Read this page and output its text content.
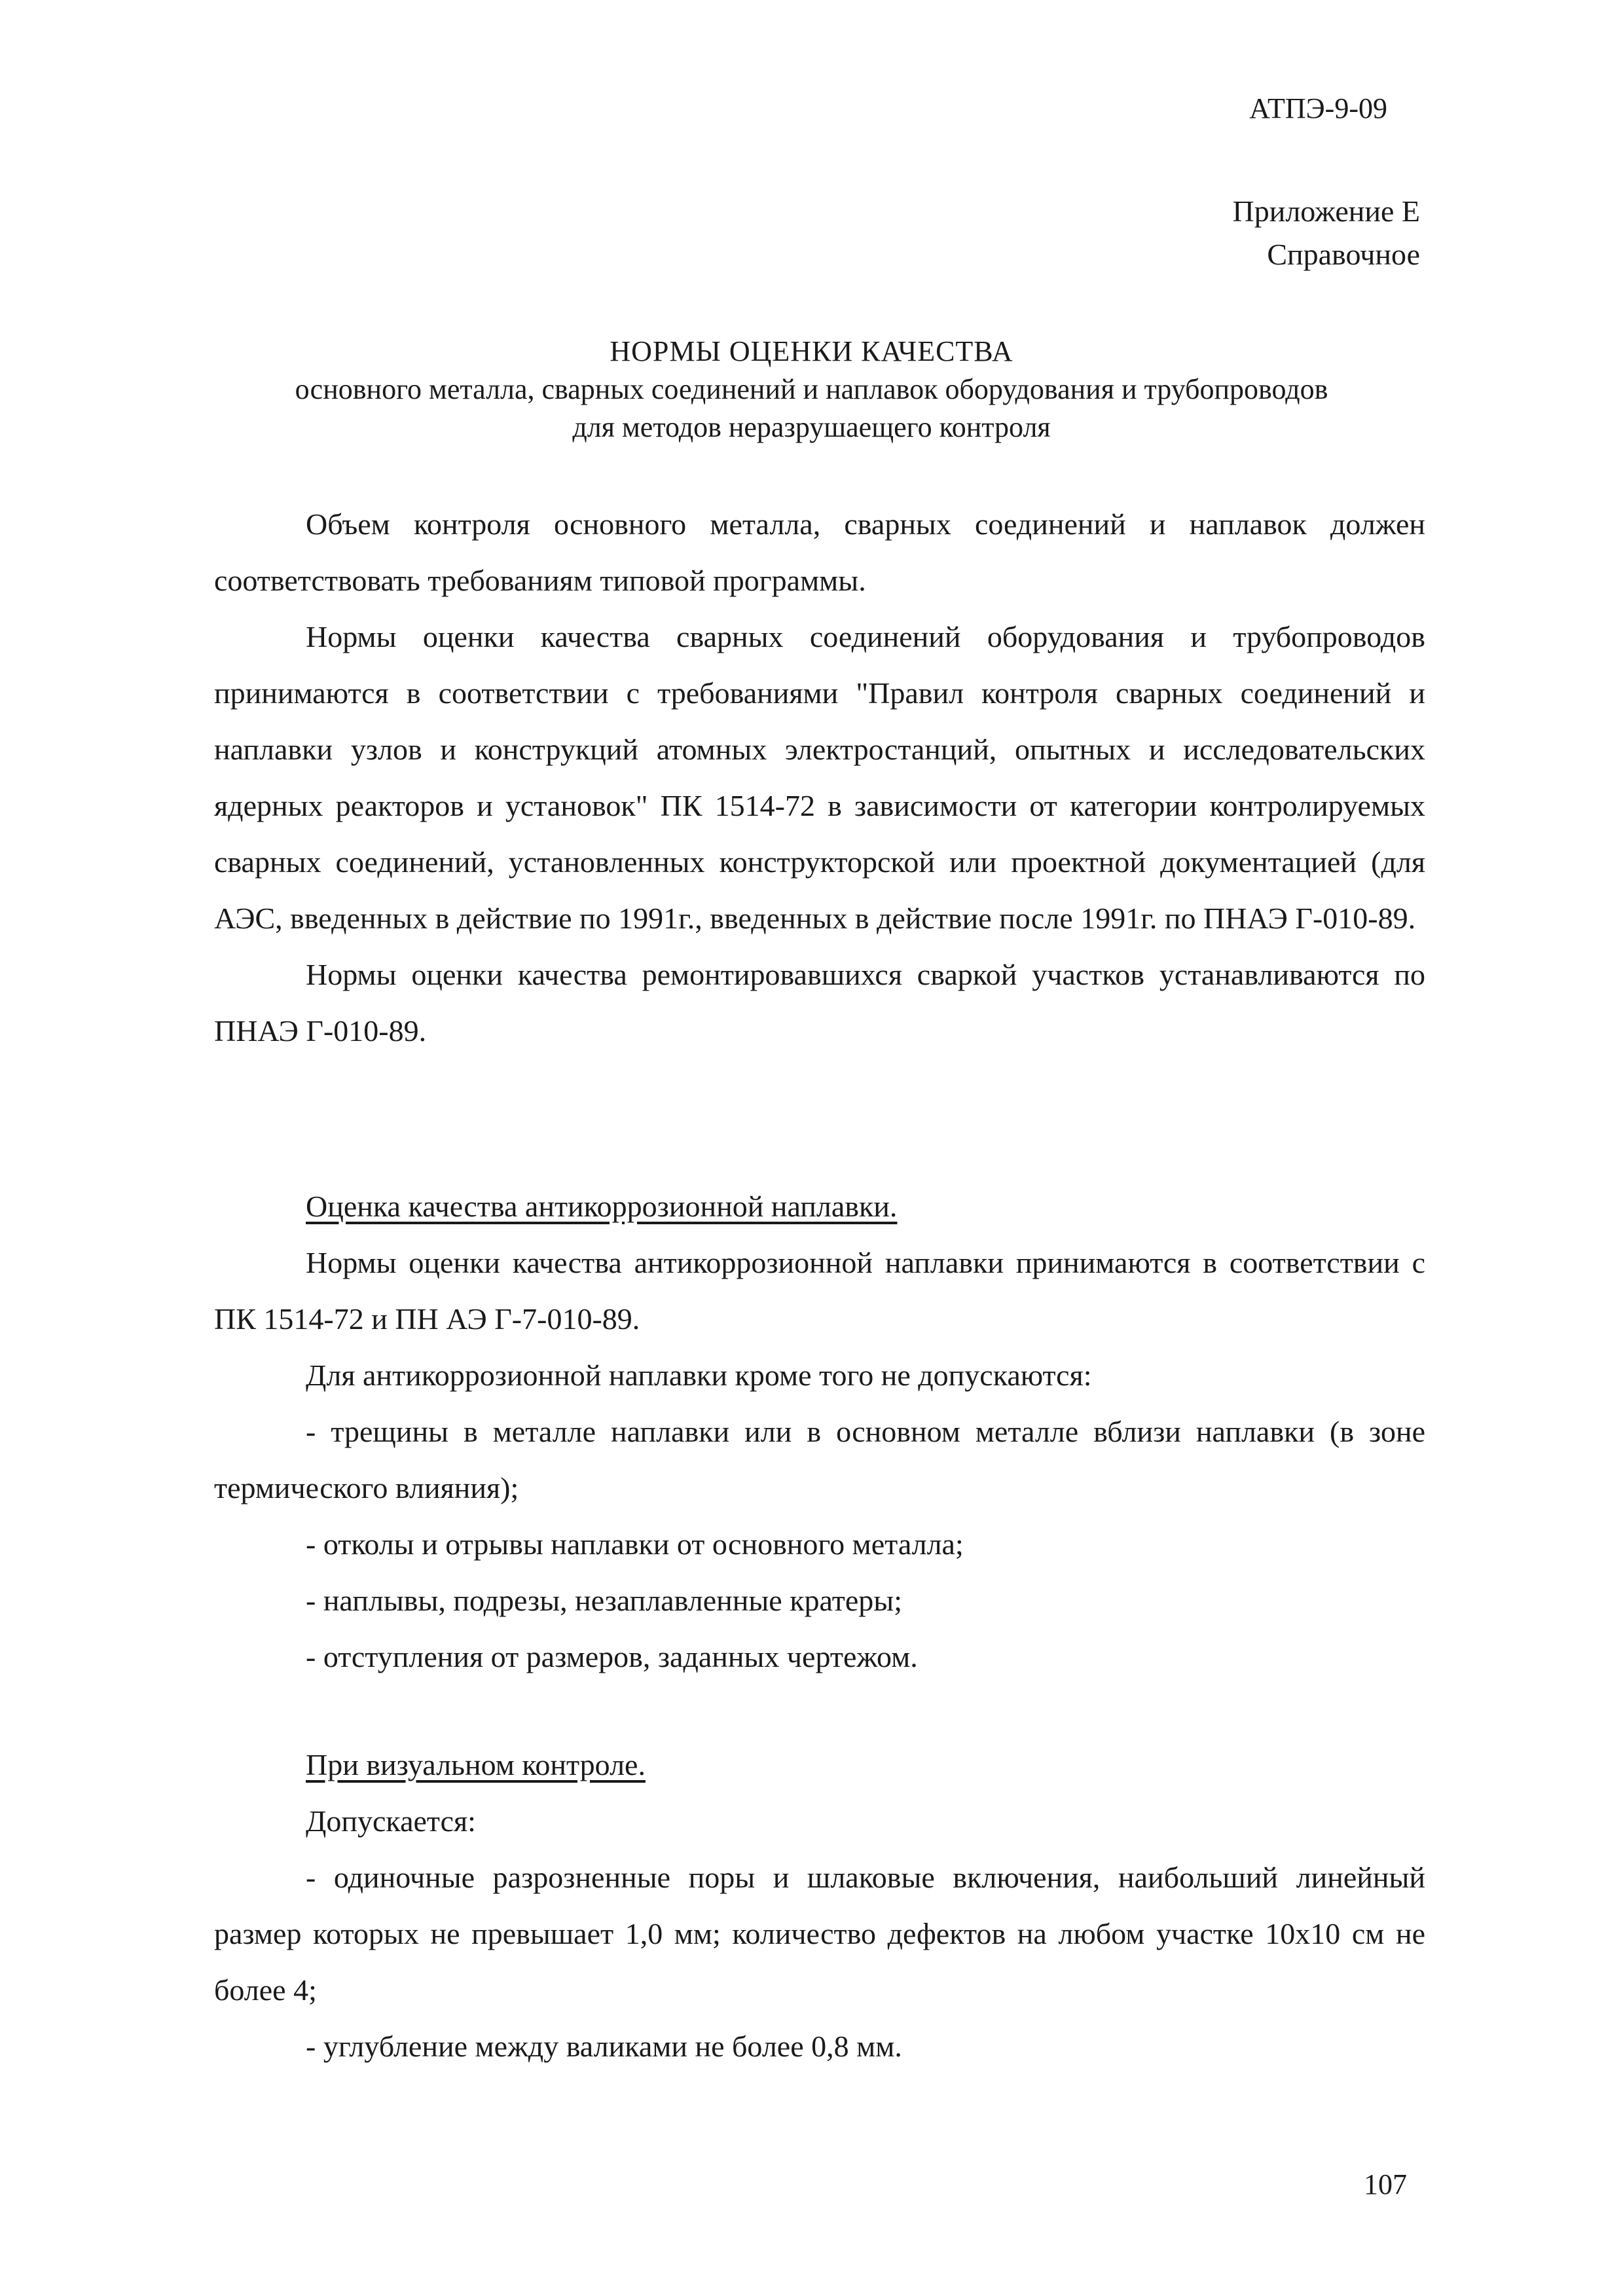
АТПЭ-9-09
Приложение Е
Справочное
НОРМЫ ОЦЕНКИ КАЧЕСТВА
основного металла, сварных соединений и наплавок оборудования и трубопроводов
для методов неразрушаещего контроля

Объем контроля основного металла, сварных соединений и наплавок должен соответствовать требованиям типовой программы.

Нормы оценки качества сварных соединений оборудования и трубопроводов принимаются в соответствии с требованиями "Правил контроля сварных соединений и наплавки узлов и конструкций атомных электростанций, опытных и исследовательских ядерных реакторов и установок" ПК 1514-72 в зависимости от категории контролируемых сварных соединений, установленных конструкторской или проектной документацией (для АЭС, введенных в действие по 1991г., введенных в действие после 1991г. по ПНАЭ Г-010-89.

Нормы оценки качества ремонтировавшихся сваркой участков устанавливаются по ПНАЭ Г-010-89.

Оценка качества антикоррозионной наплавки.

Нормы оценки качества антикоррозионной наплавки принимаются в соответствии с ПК 1514-72 и ПН АЭ Г-7-010-89.

Для антикоррозионной наплавки кроме того не допускаются:

- трещины в металле наплавки или в основном металле вблизи наплавки (в зоне термического влияния);

- отколы и отрывы наплавки от основного металла;

- наплывы, подрезы, незаплавленные кратеры;

- отступления от размеров, заданных чертежом.

При визуальном контроле.

Допускается:

- одиночные разрозненные поры и шлаковые включения, наибольший линейный размер которых не превышает 1,0 мм; количество дефектов на любом участке 10х10 см не более 4;

- углубление между валиками не более 0,8 мм.

107
